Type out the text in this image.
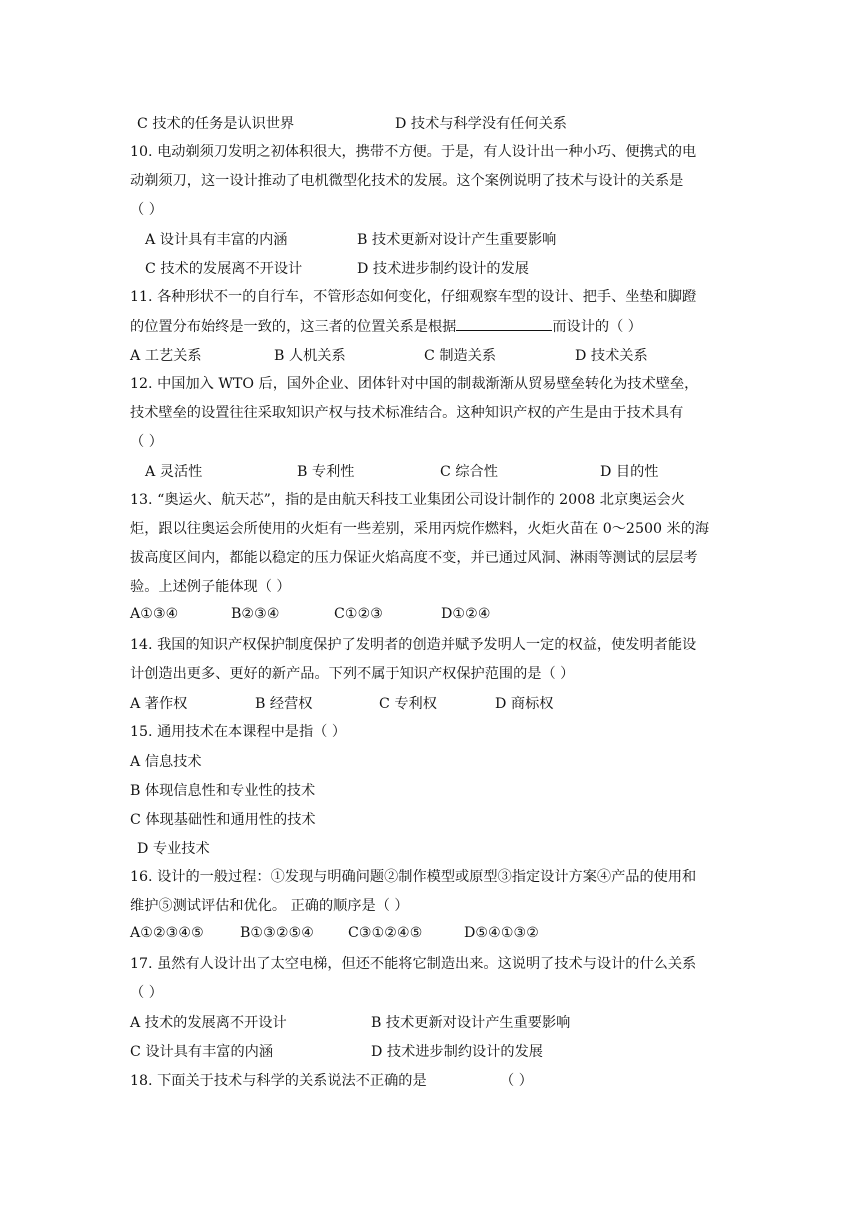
C 技术的任务是认识世界	D 技术与科学没有任何关系
10. 电动剃须刀发明之初体积很大，携带不方便。于是，有人设计出一种小巧、便携式的电
动剃须刀，这一设计推动了电机微型化技术的发展。这个案例说明了技术与设计的关系是
（ ）
A 设计具有丰富的内涵	B 技术更新对设计产生重要影响
C 技术的发展离不开设计	D 技术进步制约设计的发展
11. 各种形状不一的自行车，不管形态如何变化，仔细观察车型的设计、把手、坐垫和脚蹬
的位置分布始终是一致的，这三者的位置关系是根据	而设计的（ ）
A 工艺关系	B 人机关系	C 制造关系	D 技术关系
12. 中国加入 WTO 后，国外企业、团体针对中国的制裁渐渐从贸易壁垒转化为技术壁垒，
技术壁垒的设置往往采取知识产权与技术标准结合。这种知识产权的产生是由于技术具有
（ ）
A 灵活性	B 专利性	C 综合性	D 目的性
13. “奥运火、航天芯”，指的是由航天科技工业集团公司设计制作的 2008 北京奥运会火
炬，跟以往奥运会所使用的火炬有一些差别，采用丙烷作燃料，火炬火苗在 0～2500 米的海
拔高度区间内，都能以稳定的压力保证火焰高度不变，并已通过风洞、淋雨等测试的层层考
验。上述例子能体现（ ）
A①③④	B②③④	C①②③	D①②④
14. 我国的知识产权保护制度保护了发明者的创造并赋予发明人一定的权益，使发明者能设
计创造出更多、更好的新产品。下列不属于知识产权保护范围的是（ ）
A 著作权	B 经营权	C 专利权	D 商标权
15. 通用技术在本课程中是指（ ）
A 信息技术
B 体现信息性和专业性的技术
C 体现基础性和通用性的技术
D 专业技术
16. 设计的一般过程：①发现与明确问题②制作模型或原型③指定设计方案④产品的使用和
维护⑤测试评估和优化。 正确的顺序是（ ）
A①②③④⑤	B①③②⑤④ C③①②④⑤	D⑤④①③②
17. 虽然有人设计出了太空电梯，但还不能将它制造出来。这说明了技术与设计的什么关系
（ ）
A 技术的发展离不开设计	B 技术更新对设计产生重要影响
C 设计具有丰富的内涵	D 技术进步制约设计的发展
18. 下面关于技术与科学的关系说法不正确的是	（ ）
